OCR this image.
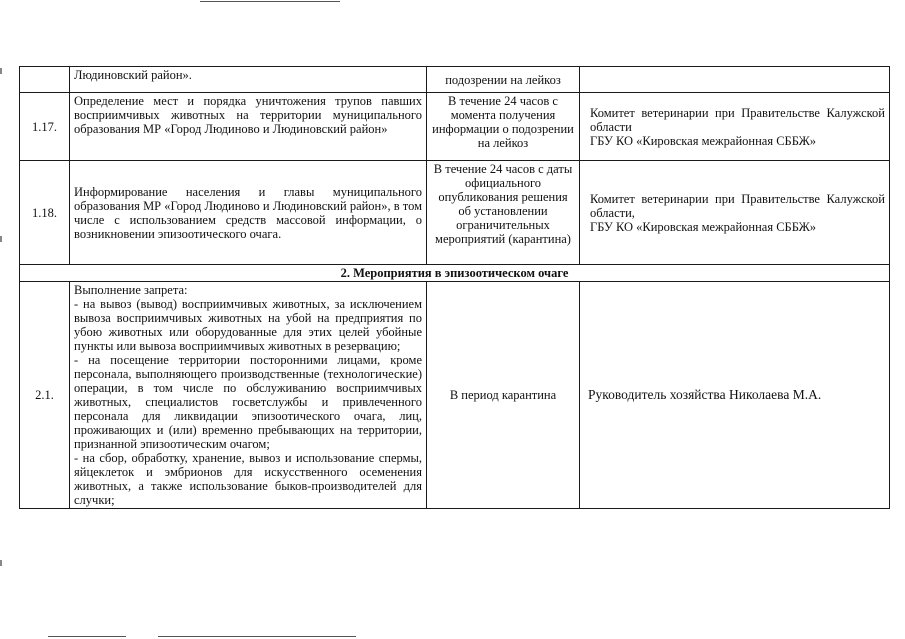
	Людиновский район».	подозрении на лейкоз	
1.17.	Определение мест и порядка уничтожения трупов павших восприимчивых животных на территории муниципального образования МР «Город Людиново и Людиновский район»	В течение 24 часов с момента получения информации о подозрении на лейкоз	Комитет ветеринарии при Правительстве Калужской области
ГБУ КО «Кировская межрайонная СББЖ»

1.18.	Информирование населения и главы муниципального образования МР «Город Людиново и Людиновский район», в том числе с использованием средств массовой информации, о возникновении эпизоотического очага.	В течение 24 часов с даты официального опубликования решения об установлении ограничительных мероприятий (карантина)	Комитет ветеринарии при Правительстве Калужской области,
ГБУ КО «Кировская межрайонная СББЖ»

2. Мероприятия в эпизоотическом очаге			
2.1.	Выполнение запрета:
- на вывоз (вывод) восприимчивых животных, за исключением вывоза восприимчивых животных на убой на предприятия по убою животных или оборудованные для этих целей убойные пункты или вывоза восприимчивых животных в резервацию;
- на посещение территории посторонними лицами, кроме персонала, выполняющего производственные (технологические) операции, в том числе по обслуживанию восприимчивых животных, специалистов госветслужбы и привлеченного персонала для ликвидации эпизоотического очага, лиц, проживающих и (или) временно пребывающих на территории, признанной эпизоотическим очагом;
- на сбор, обработку, хранение, вывоз и использование спермы, яйцеклеток и эмбрионов для искусственного осеменения животных, а также использование быков-производителей для случки;	В период карантина	Руководитель хозяйства Николаева М.А.
